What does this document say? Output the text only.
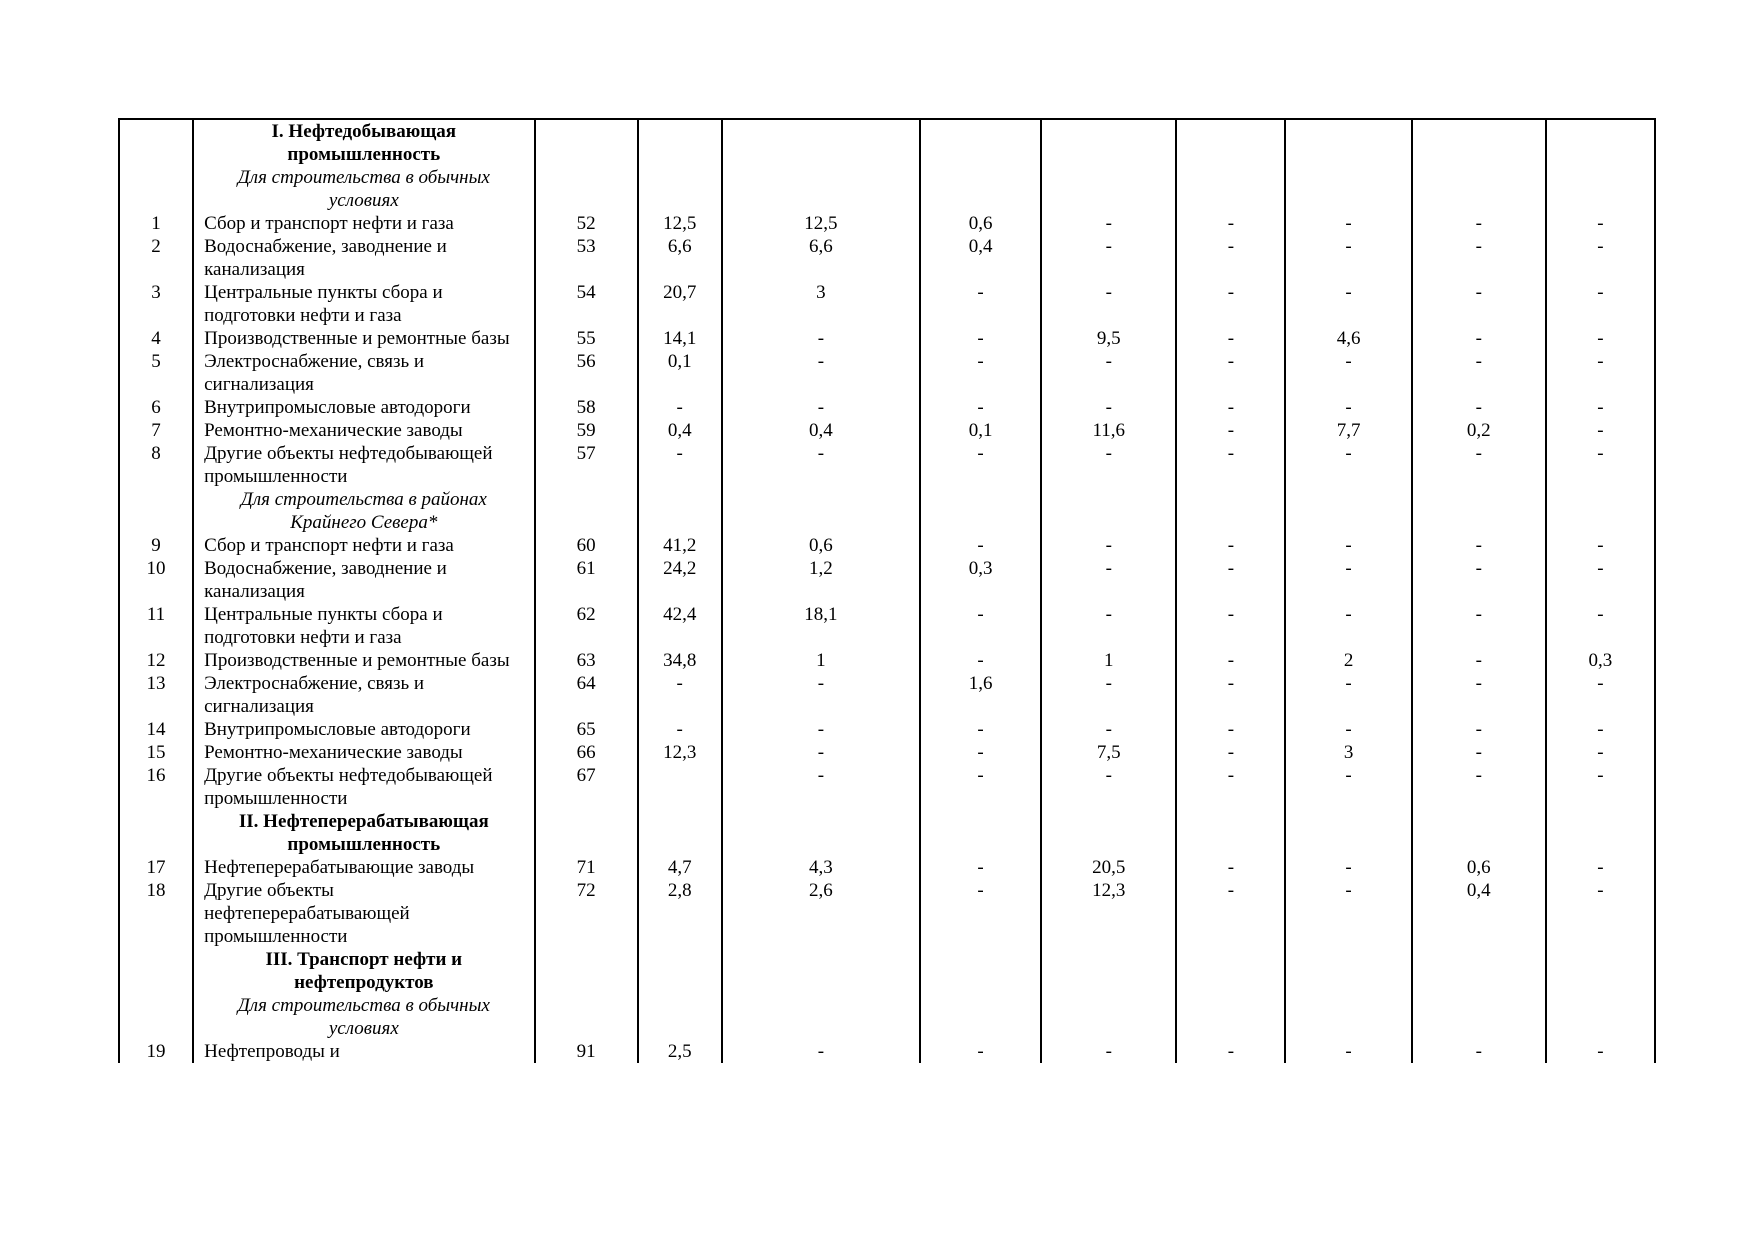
	I. Нефтедобывающая промышленность									
	Для строительства в обычных условиях									
1	Сбор и транспорт нефти и газа	52	12,5	12,5	0,6	-	-	-	-	-
2	Водоснабжение, заводнение и канализация	53	6,6	6,6	0,4	-	-	-	-	-
3	Центральные пункты сбора и подготовки нефти и газа	54	20,7	3	-	-	-	-	-	-
4	Производственные и ремонтные базы	55	14,1	-	-	9,5	-	4,6	-	-
5	Электроснабжение, связь и сигнализация	56	0,1	-	-	-	-	-	-	-
6	Внутрипромысловые автодороги	58	-	-	-	-	-	-	-	-
7	Ремонтно-механические заводы	59	0,4	0,4	0,1	11,6	-	7,7	0,2	-
8	Другие объекты нефтедобывающей промышленности	57	-	-	-	-	-	-	-	-
	Для строительства в районах Крайнего Севера*									
9	Сбор и транспорт нефти и газа	60	41,2	0,6	-	-	-	-	-	-
10	Водоснабжение, заводнение и канализация	61	24,2	1,2	0,3	-	-	-	-	-
11	Центральные пункты сбора и подготовки нефти и газа	62	42,4	18,1	-	-	-	-	-	-
12	Производственные и ремонтные базы	63	34,8	1	-	1	-	2	-	0,3
13	Электроснабжение, связь и сигнализация	64	-	-	1,6	-	-	-	-	-
14	Внутрипромысловые автодороги	65	-	-	-	-	-	-	-	-
15	Ремонтно-механические заводы	66	12,3	-	-	7,5	-	3	-	-
16	Другие объекты нефтедобывающей промышленности	67		-	-	-	-	-	-	-
	II. Нефтеперерабатывающая промышленность									
17	Нефтеперерабатывающие заводы	71	4,7	4,3	-	20,5	-	-	0,6	-
18	Другие объекты нефтеперерабатывающей промышленности	72	2,8	2,6	-	12,3	-	-	0,4	-
	III. Транспорт нефти и нефтепродуктов									
	Для строительства в обычных условиях									
19	Нефтепроводы и	91	2,5	-	-	-	-	-	-	-
